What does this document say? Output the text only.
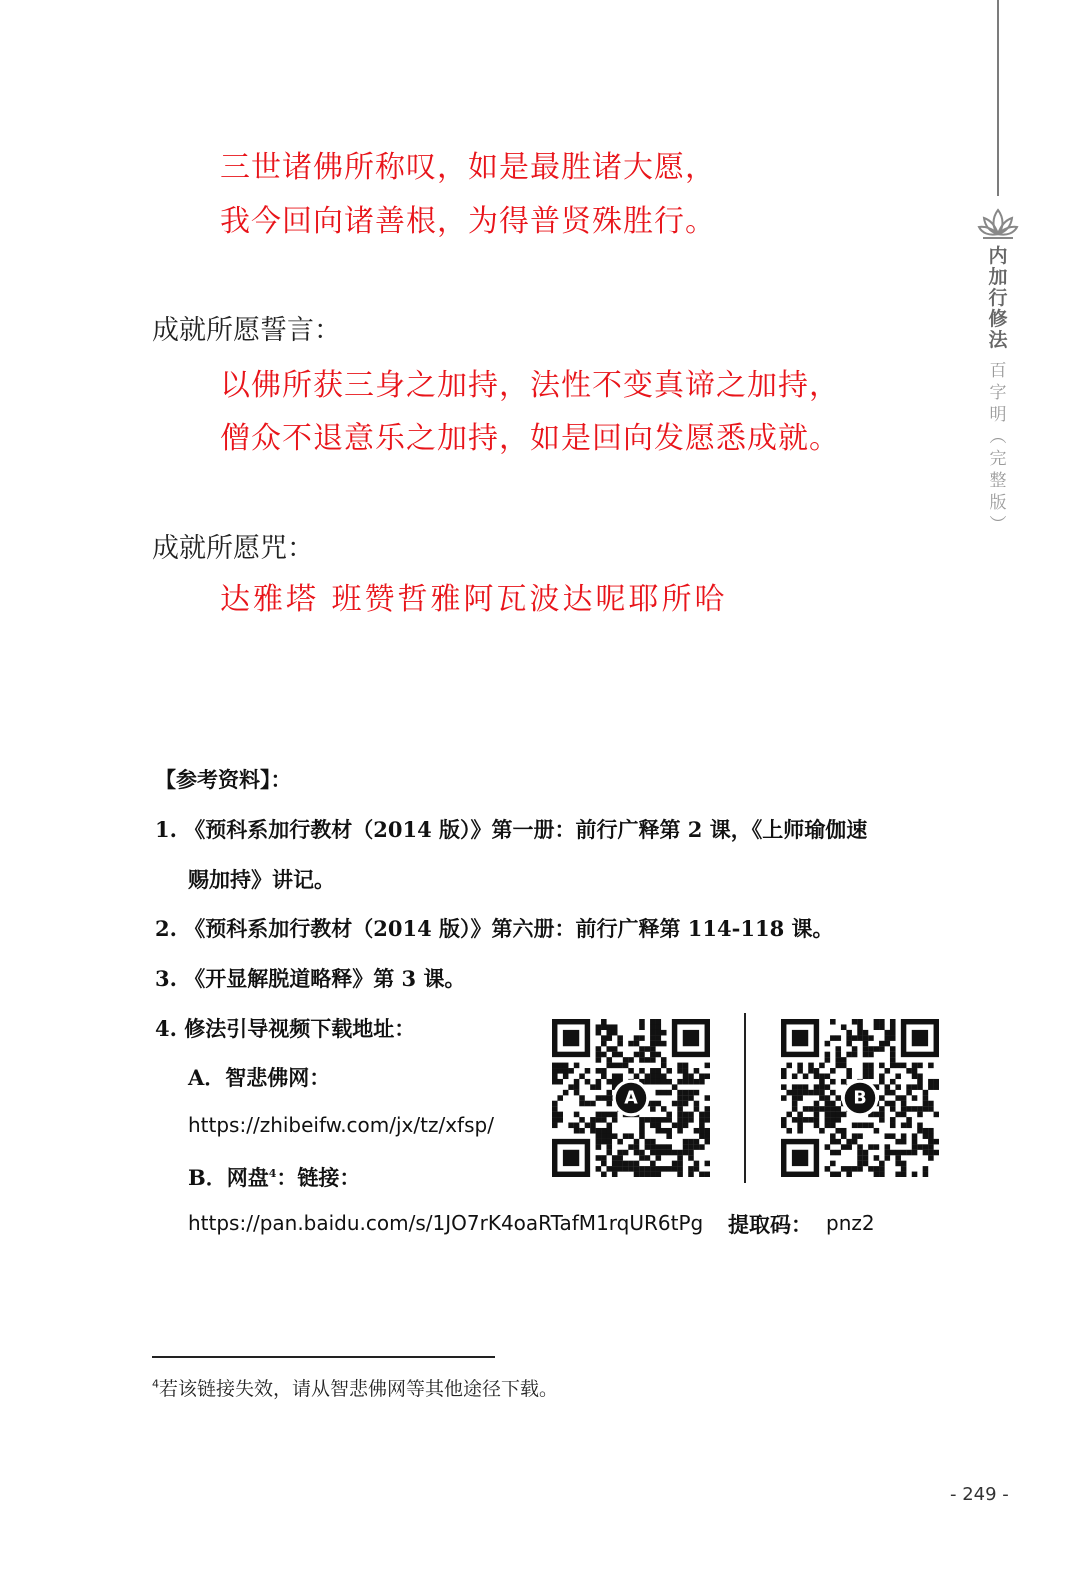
内
加
行
修
法
百
字
明
︵
完
整
版
︶
三世诸佛所称叹，如是最胜诸大愿，
我今回向诸善根，为得普贤殊胜行。
成就所愿誓言：
以佛所获三身之加持，法性不变真谛之加持，
僧众不退意乐之加持，如是回向发愿悉成就。
成就所愿咒：
达雅塔 班赞哲雅阿瓦波达呢耶所哈
【参考资料】：
1. 《预科系加行教材（2014 版）》第一册：前行广释第 2 课，《上师瑜伽速
赐加持》讲记。
2. 《预科系加行教材（2014 版）》第六册：前行广释第 114-118 课。
3. 《开显解脱道略释》第 3 课。
4. 修法引导视频下载地址：
A．智悲佛网：
https://zhibeifw.com/jx/tz/xfsp/
B．网盘$^4$：链接：
https://pan.baidu.com/s/1JO7rK4oaRTafM1rqUR6tPg 提取码： pnz2
A	B
$^4$若该链接失效，请从智悲佛网等其他途径下载。
- 249 -
